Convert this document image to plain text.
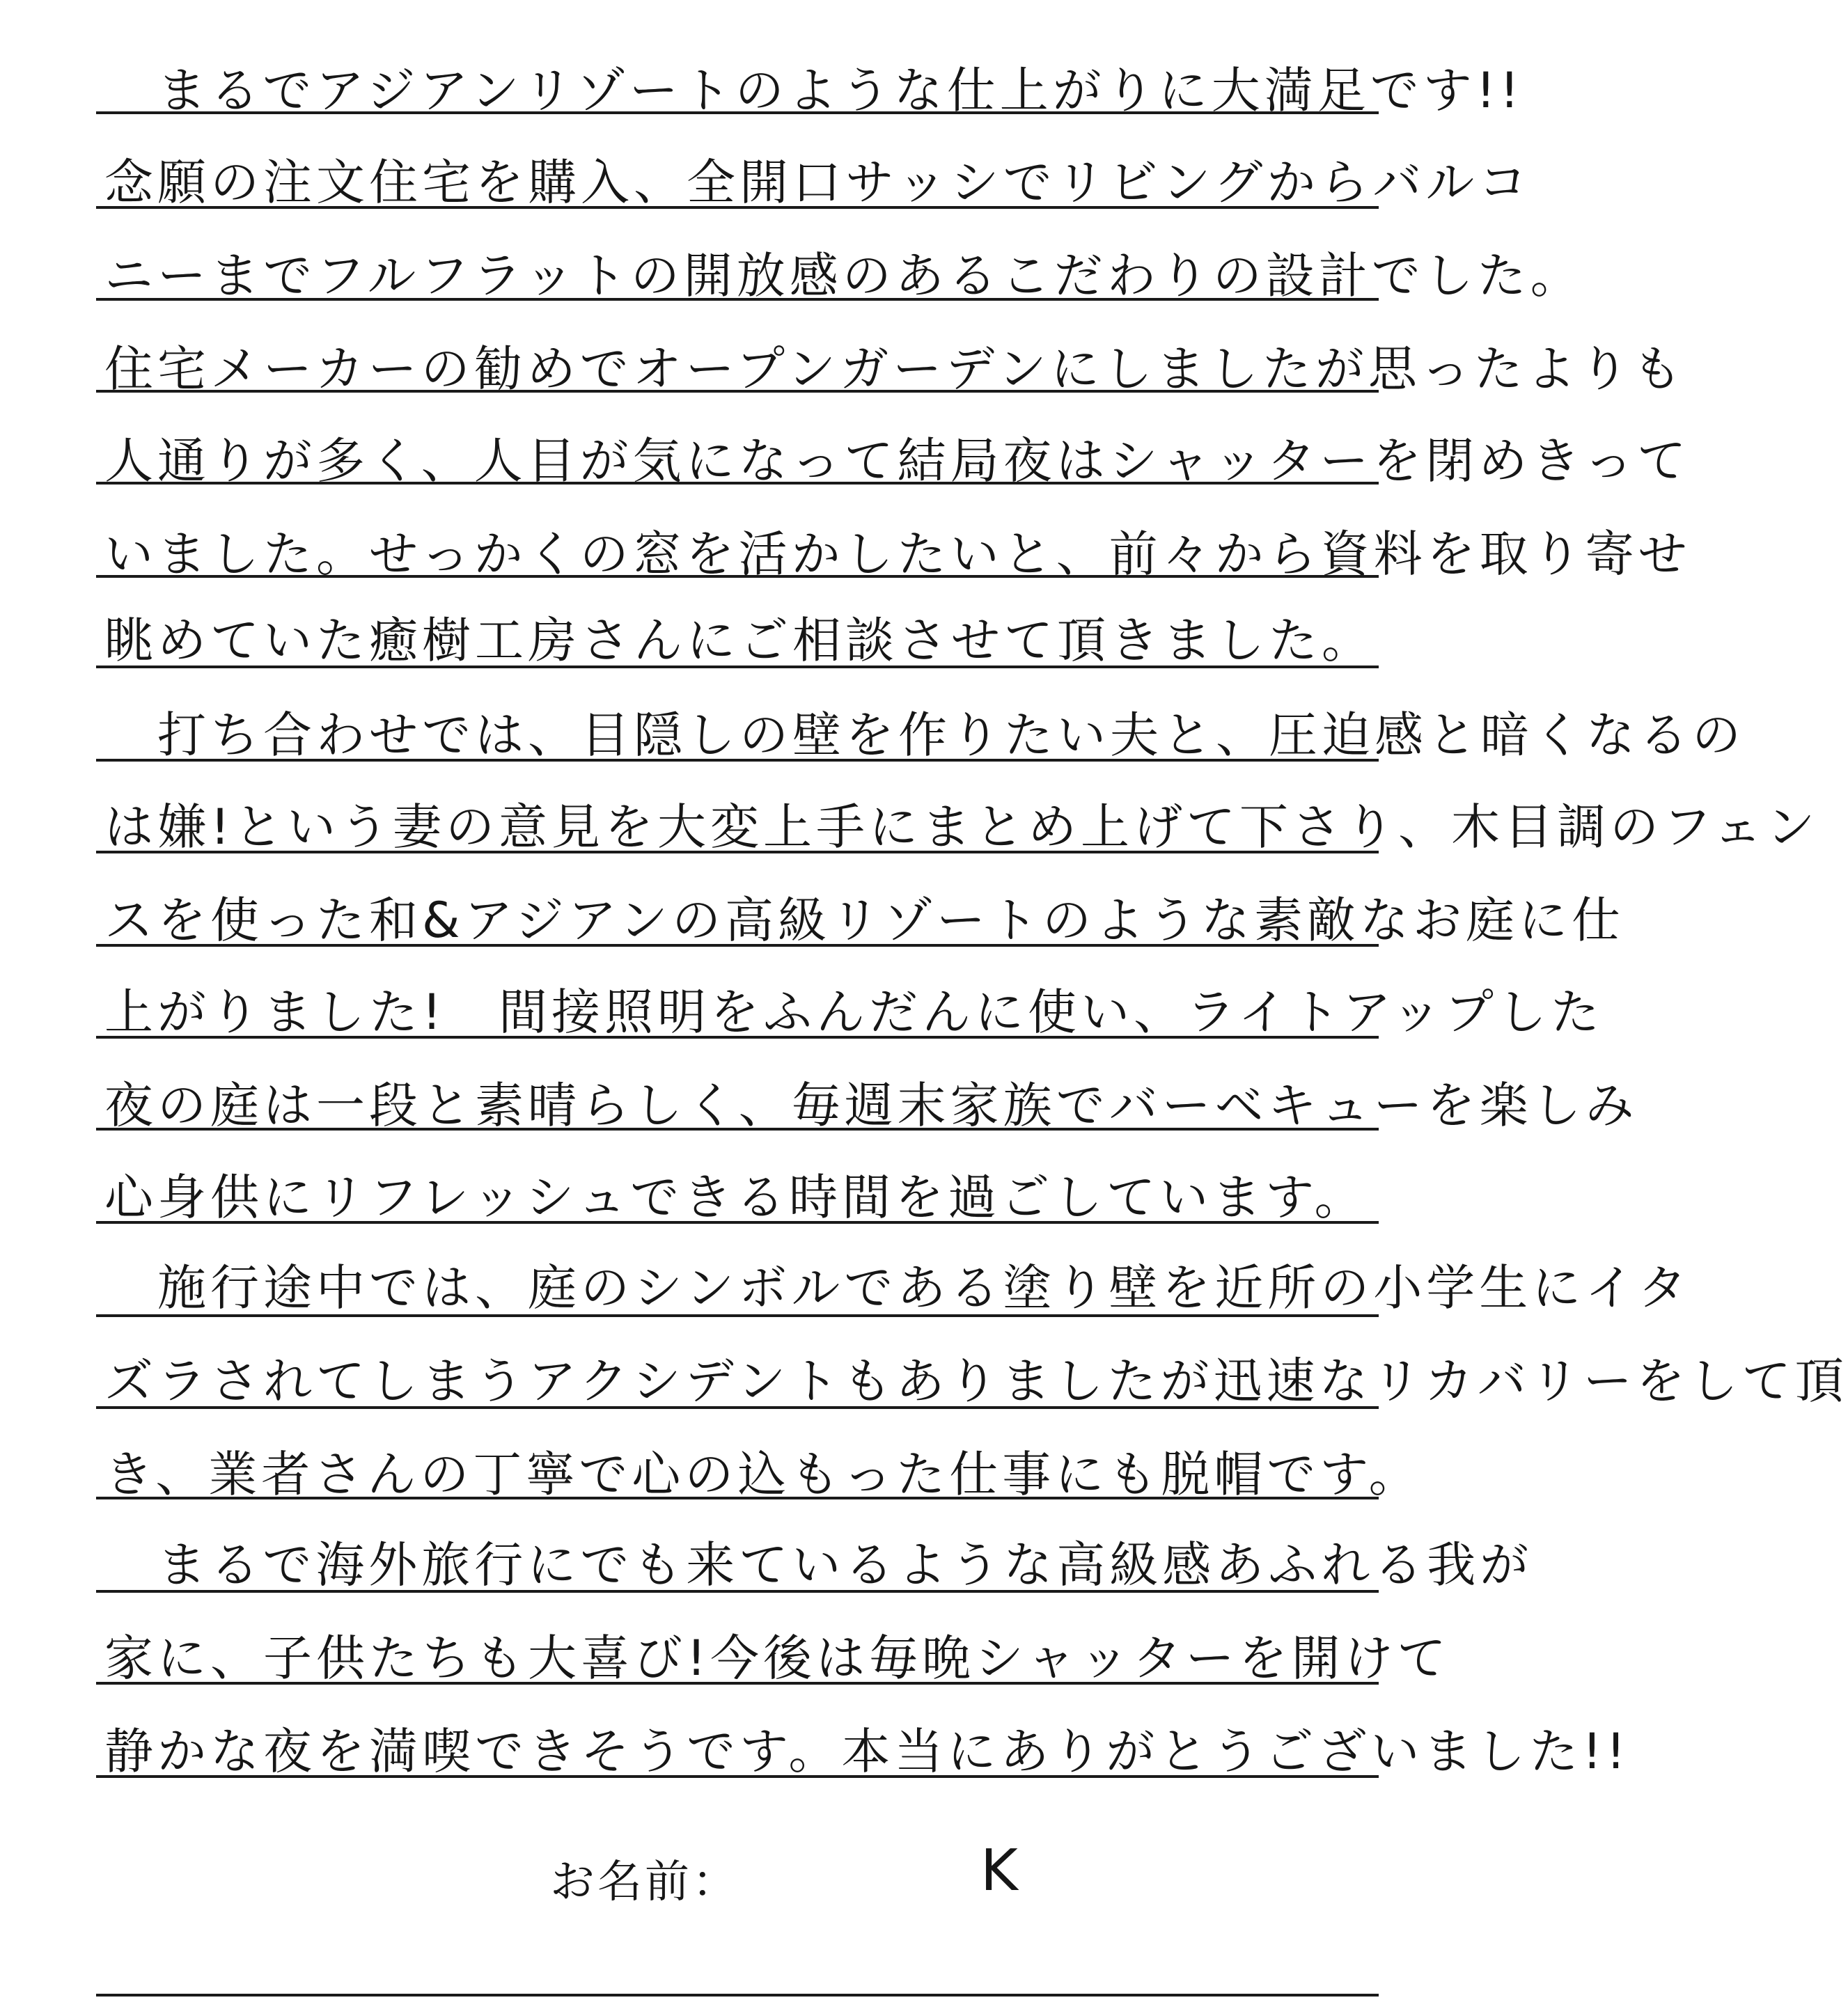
　まるでアジアンリゾートのような仕上がりに大満足です!!
念願の注文住宅を購入、全開口サッシでリビングからバルコ
ニーまでフルフラットの開放感のあるこだわりの設計でした。
住宅メーカーの勧めでオープンガーデンにしましたが思ったよりも
人通りが多く、人目が気になって結局夜はシャッターを閉めきって
いました。せっかくの窓を活かしたいと、前々から資料を取り寄せ
眺めていた癒樹工房さんにご相談させて頂きました。
　打ち合わせでは、目隠しの壁を作りたい夫と、圧迫感と暗くなるの
は嫌!という妻の意見を大変上手にまとめ上げて下さり、木目調のフェン
スを使った和&アジアンの高級リゾートのような素敵なお庭に仕
上がりました!　間接照明をふんだんに使い、ライトアップした
夜の庭は一段と素晴らしく、毎週末家族でバーベキューを楽しみ
心身供にリフレッシュできる時間を過ごしています。
　施行途中では、庭のシンボルである塗り壁を近所の小学生にイタ
ズラされてしまうアクシデントもありましたが迅速なリカバリーをして頂
き、業者さんの丁寧で心の込もった仕事にも脱帽です。
　まるで海外旅行にでも来ているような高級感あふれる我が
家に、子供たちも大喜び!今後は毎晩シャッターを開けて
静かな夜を満喫できそうです。本当にありがとうございました!!
お名前：	K
